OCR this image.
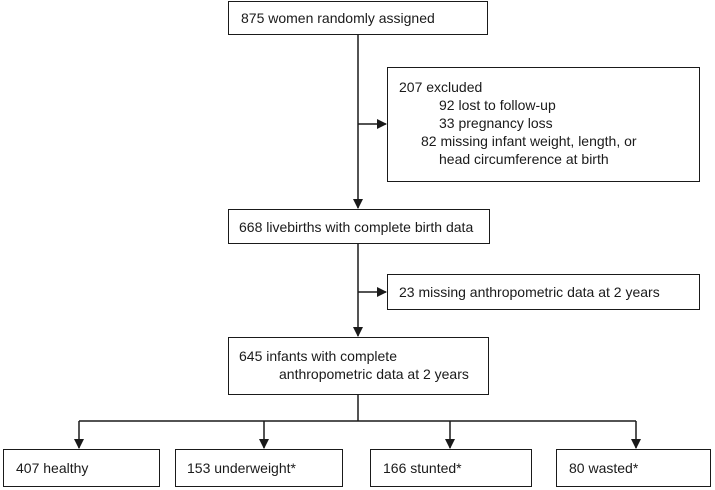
875 women randomly assigned
207 excluded
92 lost to follow-up
33 pregnancy loss
82 missing infant weight, length, or
head circumference at birth
668 livebirths with complete birth data
23 missing anthropometric data at 2 years
645 infants with complete
anthropometric data at 2 years
407 healthy	153 underweight*	166 stunted*	80 wasted*
